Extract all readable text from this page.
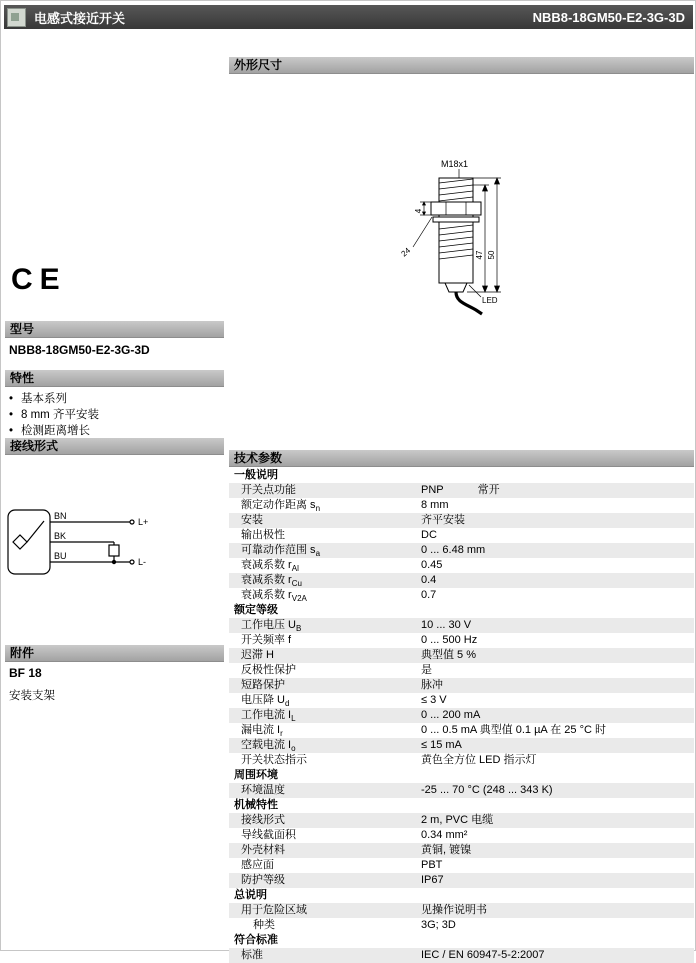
电感式接近开关	NBB8-18GM50-E2-3G-3D
CE
型号
NBB8-18GM50-E2-3G-3D
特性
• 基本系列
• 8 mm 齐平安装
• 检测距离增长
接线形式
BN
BK
BU
L+
L-
附件
BF 18
安装支架
外形尺寸
M18x1
4
24	47 50
LED
技术参数
一般说明
开关点功能	PNP	常开
额定动作距离 $s_n$	8 mm
安装	齐平安装
输出极性	DC
可靠动作范围 $s_a$	0 ... 6.48 mm
衰减系数 $r_{Al}$	0.45
衰减系数 $r_{Cu}$	0.4
衰减系数 $r_{V2A}$	0.7
额定等级
工作电压 $U_B$	10 ... 30 V
开关频率 f	0 ... 500 Hz
迟滞 H	典型值 5 %
反极性保护	是
短路保护	脉冲
电压降 $U_d$	≤ 3 V
工作电流 $I_L$	0 ... 200 mA
漏电流 $I_r$	0 ... 0.5 mA 典型值 0.1 µA 在 25 °C 时
空载电流 $I_o$	≤ 15 mA
开关状态指示	黄色全方位 LED 指示灯
周围环境
环境温度	-25 ... 70 °C (248 ... 343 K)
机械特性
接线形式	2 m, PVC 电缆
导线截面积	0.34 mm²
外壳材料	黄铜, 镀镍
感应面	PBT
防护等级	IP67
总说明
用于危险区域	见操作说明书
种类	3G; 3D
符合标准
标准	IEC / EN 60947-5-2:2007
